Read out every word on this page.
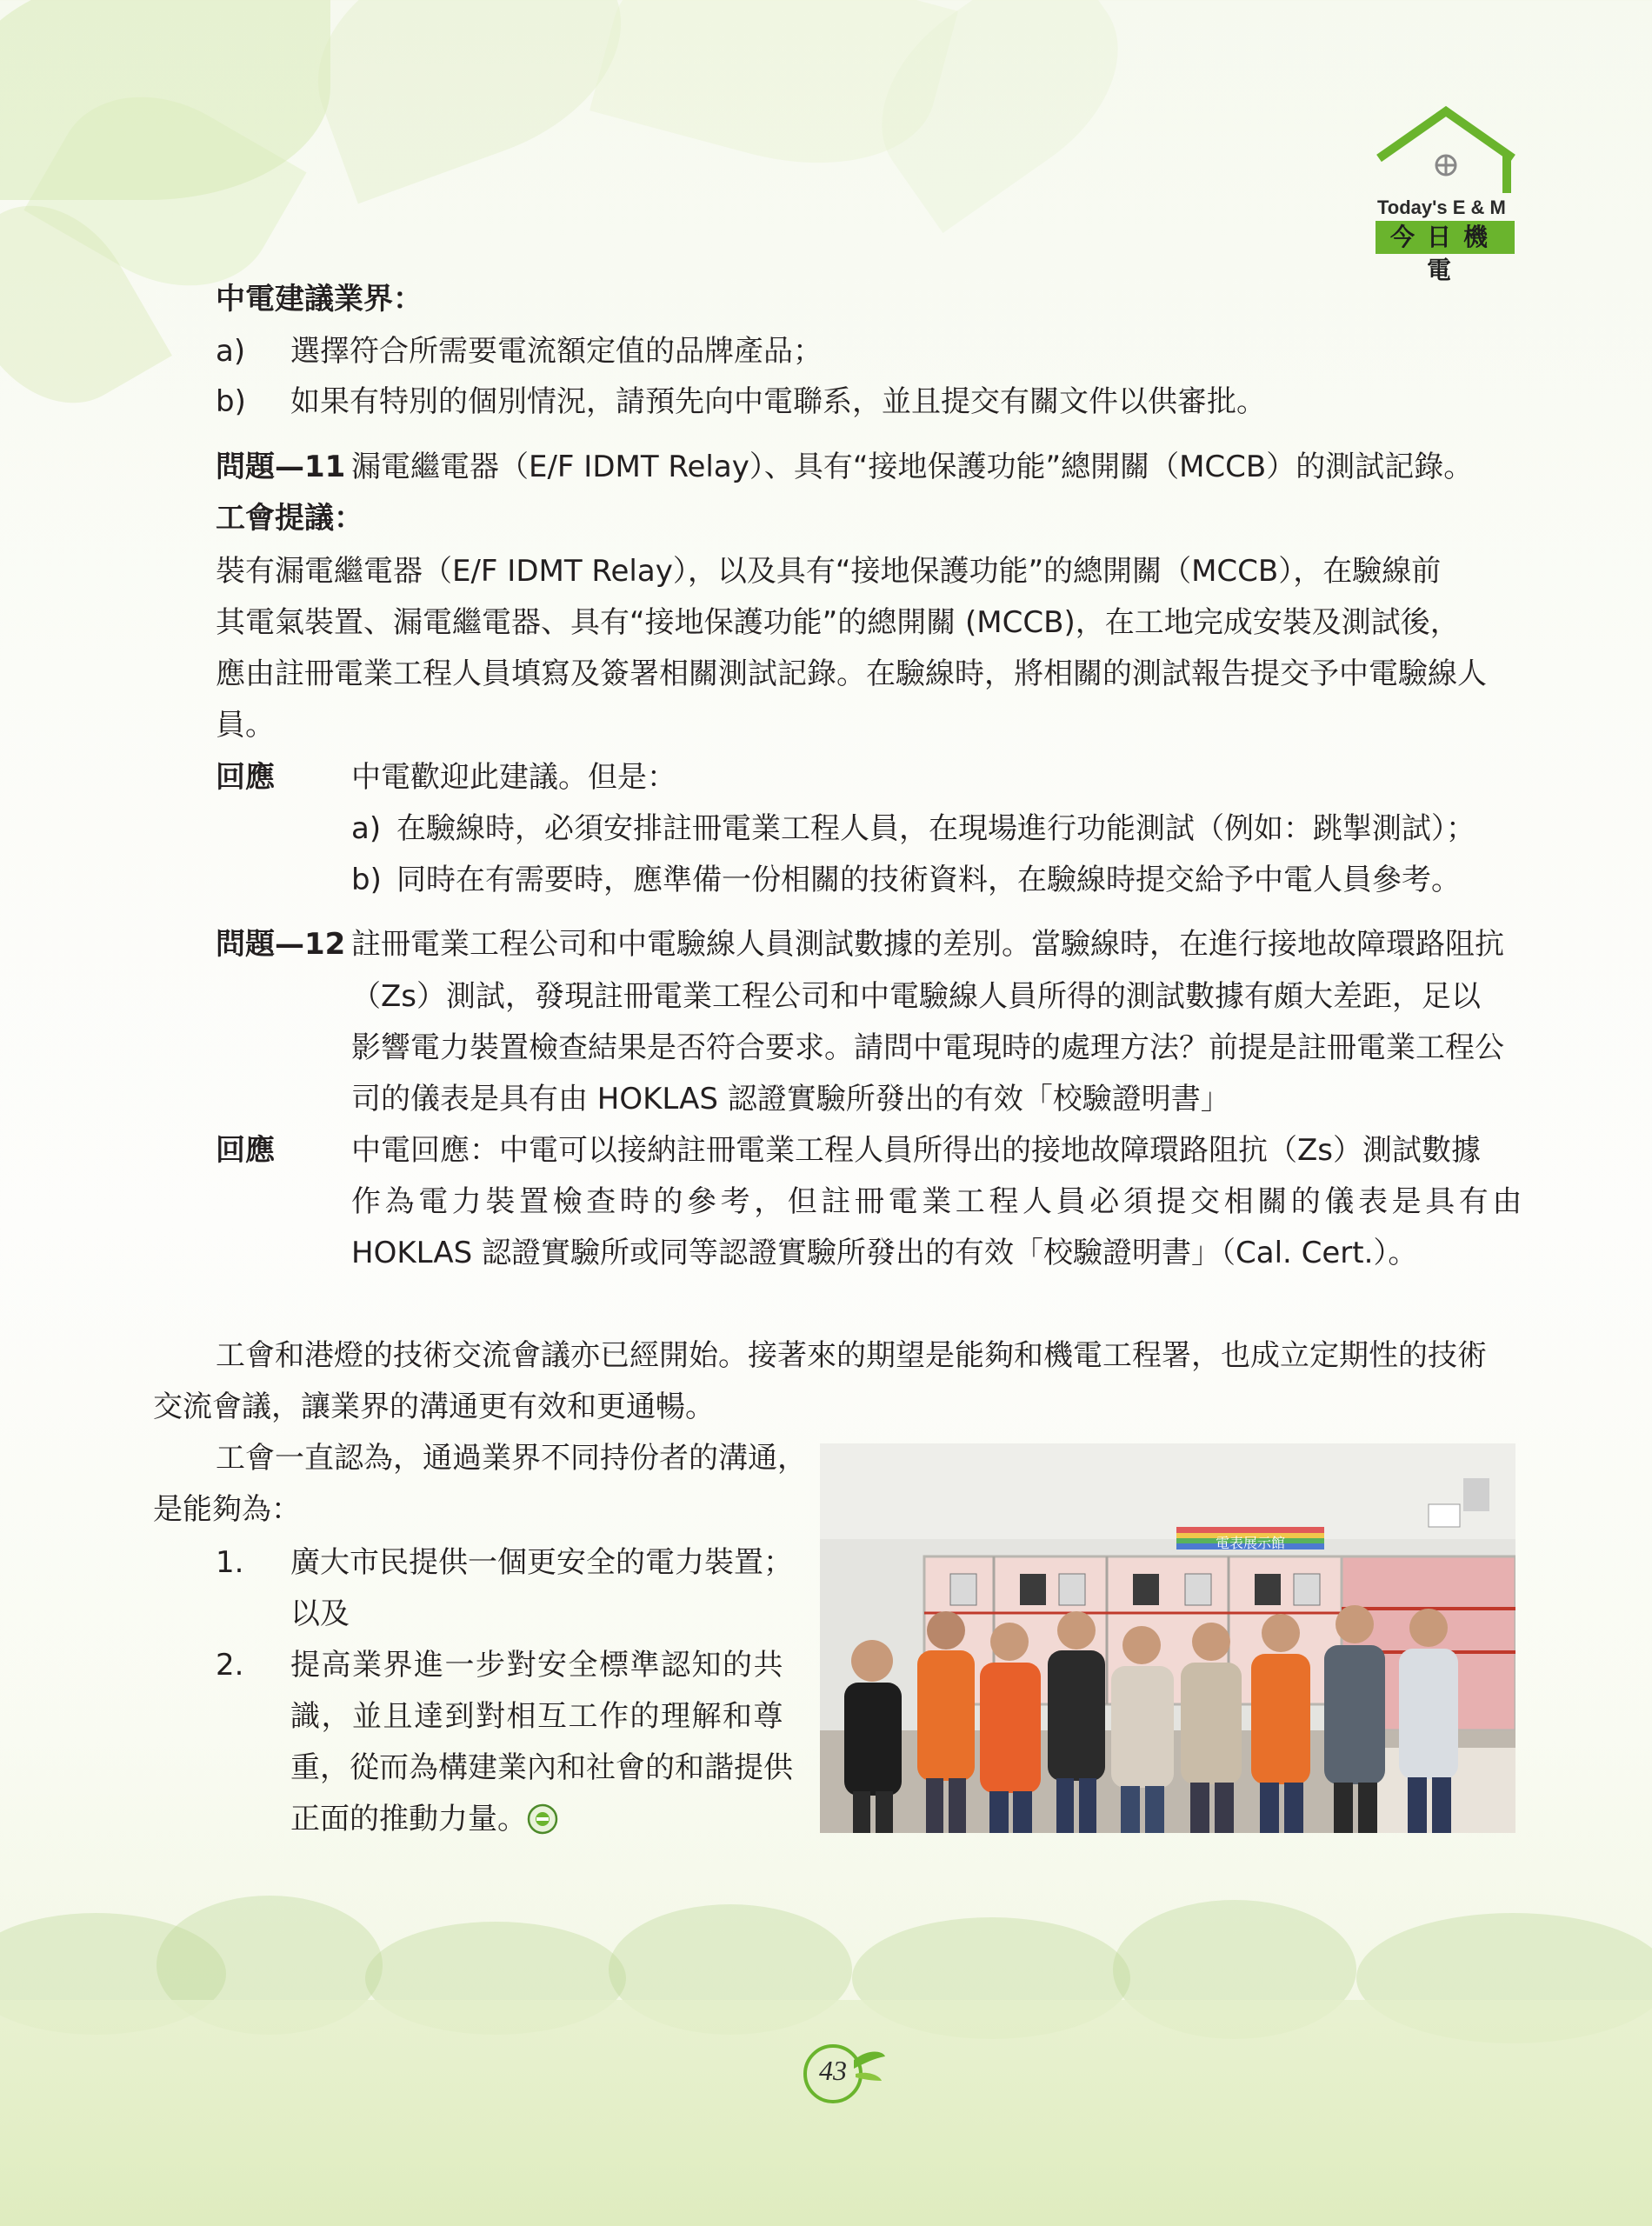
Today's E & M
今日機電
中電建議業界：
a) 選擇符合所需要電流額定值的品牌產品；
b) 如果有特別的個別情況，請預先向中電聯系，並且提交有關文件以供審批。
問題—11 漏電繼電器（E/F IDMT Relay）、具有“接地保護功能”總開關（MCCB）的測試記錄。
工會提議：
裝有漏電繼電器（E/F IDMT Relay），以及具有“接地保護功能”的總開關（MCCB），在驗線前
其電氣裝置、漏電繼電器、具有“接地保護功能”的總開關 (MCCB)，在工地完成安裝及測試後，
應由註冊電業工程人員填寫及簽署相關測試記錄。在驗線時，將相關的測試報告提交予中電驗線人
員。
回應	中電歡迎此建議。但是：
a) 在驗線時，必須安排註冊電業工程人員，在現場進行功能測試（例如：跳掣測試）；
b) 同時在有需要時，應準備一份相關的技術資料，在驗線時提交給予中電人員參考。
問題—12 註冊電業工程公司和中電驗線人員測試數據的差別。當驗線時，在進行接地故障環路阻抗
（Zs）測試，發現註冊電業工程公司和中電驗線人員所得的測試數據有頗大差距，足以
影響電力裝置檢查結果是否符合要求。請問中電現時的處理方法？前提是註冊電業工程公
司的儀表是具有由 HOKLAS 認證實驗所發出的有效「校驗證明書」
回應	中電回應：中電可以接納註冊電業工程人員所得出的接地故障環路阻抗（Zs）測試數據
作為電力裝置檢查時的參考，但註冊電業工程人員必須提交相關的儀表是具有由
HOKLAS 認證實驗所或同等認證實驗所發出的有效「校驗證明書」（Cal. Cert.）。
工會和港燈的技術交流會議亦已經開始。接著來的期望是能夠和機電工程署，也成立定期性的技術
交流會議，讓業界的溝通更有效和更通暢。
工會一直認為，通過業界不同持份者的溝通，
是能夠為：
1. 廣大市民提供一個更安全的電力裝置；
以及
2. 提高業界進一步對安全標準認知的共
識，並且達到對相互工作的理解和尊
重，從而為構建業內和社會的和諧提供
正面的推動力量。
電表展示館
43
